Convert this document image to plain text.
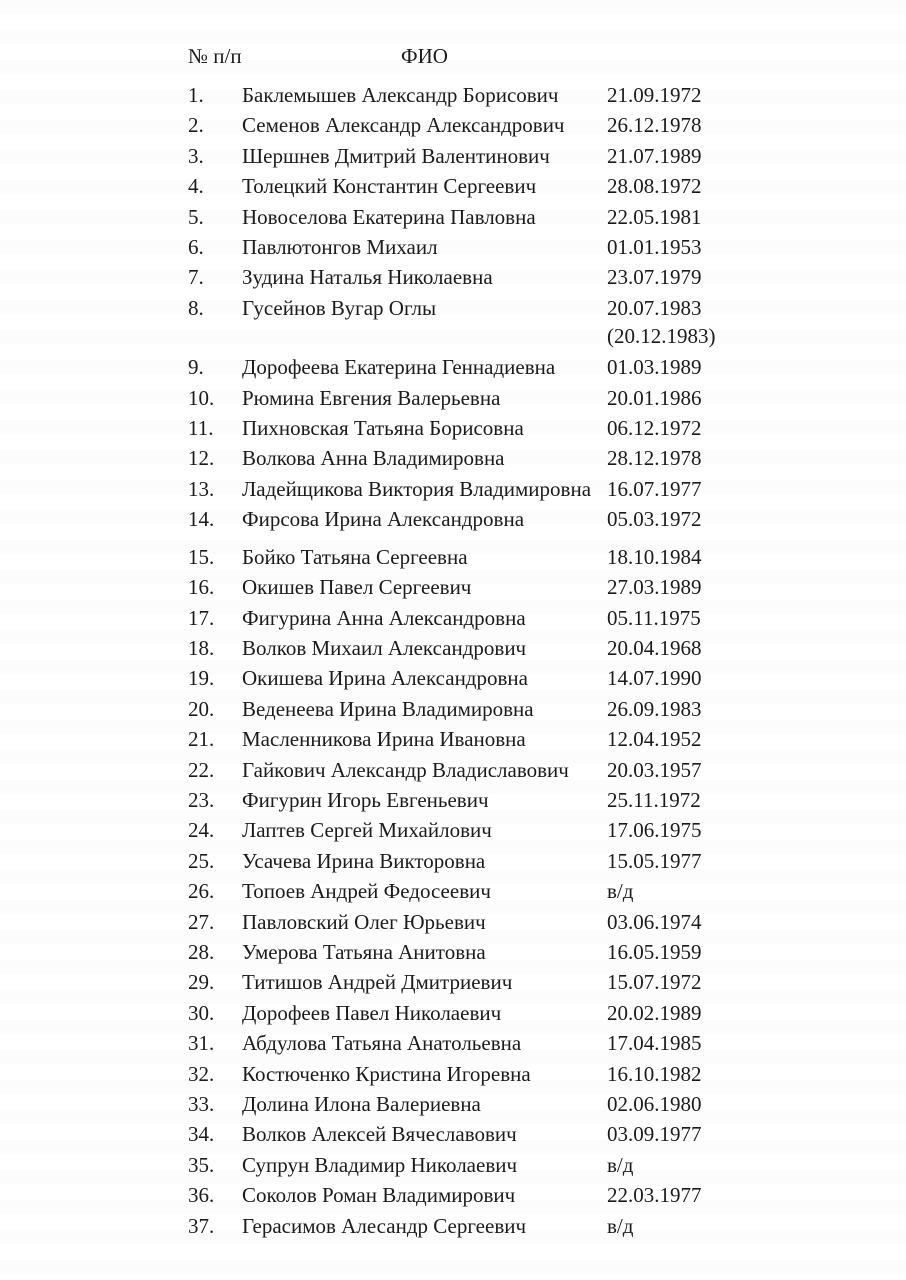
№ п/п	ФИО
1.	Баклемышев Александр Борисович	21.09.1972
2.	Семенов Александр Александрович	26.12.1978
3.	Шершнев Дмитрий Валентинович	21.07.1989
4.	Толецкий Константин Сергеевич	28.08.1972
5.	Новоселова Екатерина Павловна	22.05.1981
6.	Павлютонгов Михаил	01.01.1953
7.	Зудина Наталья Николаевна	23.07.1979
8.	Гусейнов Вугар Оглы	20.07.1983
(20.12.1983)
9.	Дорофеева Екатерина Геннадиевна	01.03.1989
10.	Рюмина Евгения Валерьевна	20.01.1986
11.	Пихновская Татьяна Борисовна	06.12.1972
12.	Волкова Анна Владимировна	28.12.1978
13.	Ладейщикова Виктория Владимировна 16.07.1977
14.	Фирсова Ирина Александровна	05.03.1972
15.	Бойко Татьяна Сергеевна	18.10.1984
16.	Окишев Павел Сергеевич	27.03.1989
17.	Фигурина Анна Александровна	05.11.1975
18.	Волков Михаил Александрович	20.04.1968
19.	Окишева Ирина Александровна	14.07.1990
20.	Веденеева Ирина Владимировна	26.09.1983
21.	Масленникова Ирина Ивановна	12.04.1952
22.	Гайкович Александр Владиславович	20.03.1957
23.	Фигурин Игорь Евгеньевич	25.11.1972
24.	Лаптев Сергей Михайлович	17.06.1975
25.	Усачева Ирина Викторовна	15.05.1977
26.	Топоев Андрей Федосеевич	в/д
27.	Павловский Олег Юрьевич	03.06.1974
28.	Умерова Татьяна Анитовна	16.05.1959
29.	Титишов Андрей Дмитриевич	15.07.1972
30.	Дорофеев Павел Николаевич	20.02.1989
31.	Абдулова Татьяна Анатольевна	17.04.1985
32.	Костюченко Кристина Игоревна	16.10.1982
33.	Долина Илона Валериевна	02.06.1980
34.	Волков Алексей Вячеславович	03.09.1977
35.	Супрун Владимир Николаевич	в/д
36.	Соколов Роман Владимирович	22.03.1977
37.	Герасимов Алесандр Сергеевич	в/д
